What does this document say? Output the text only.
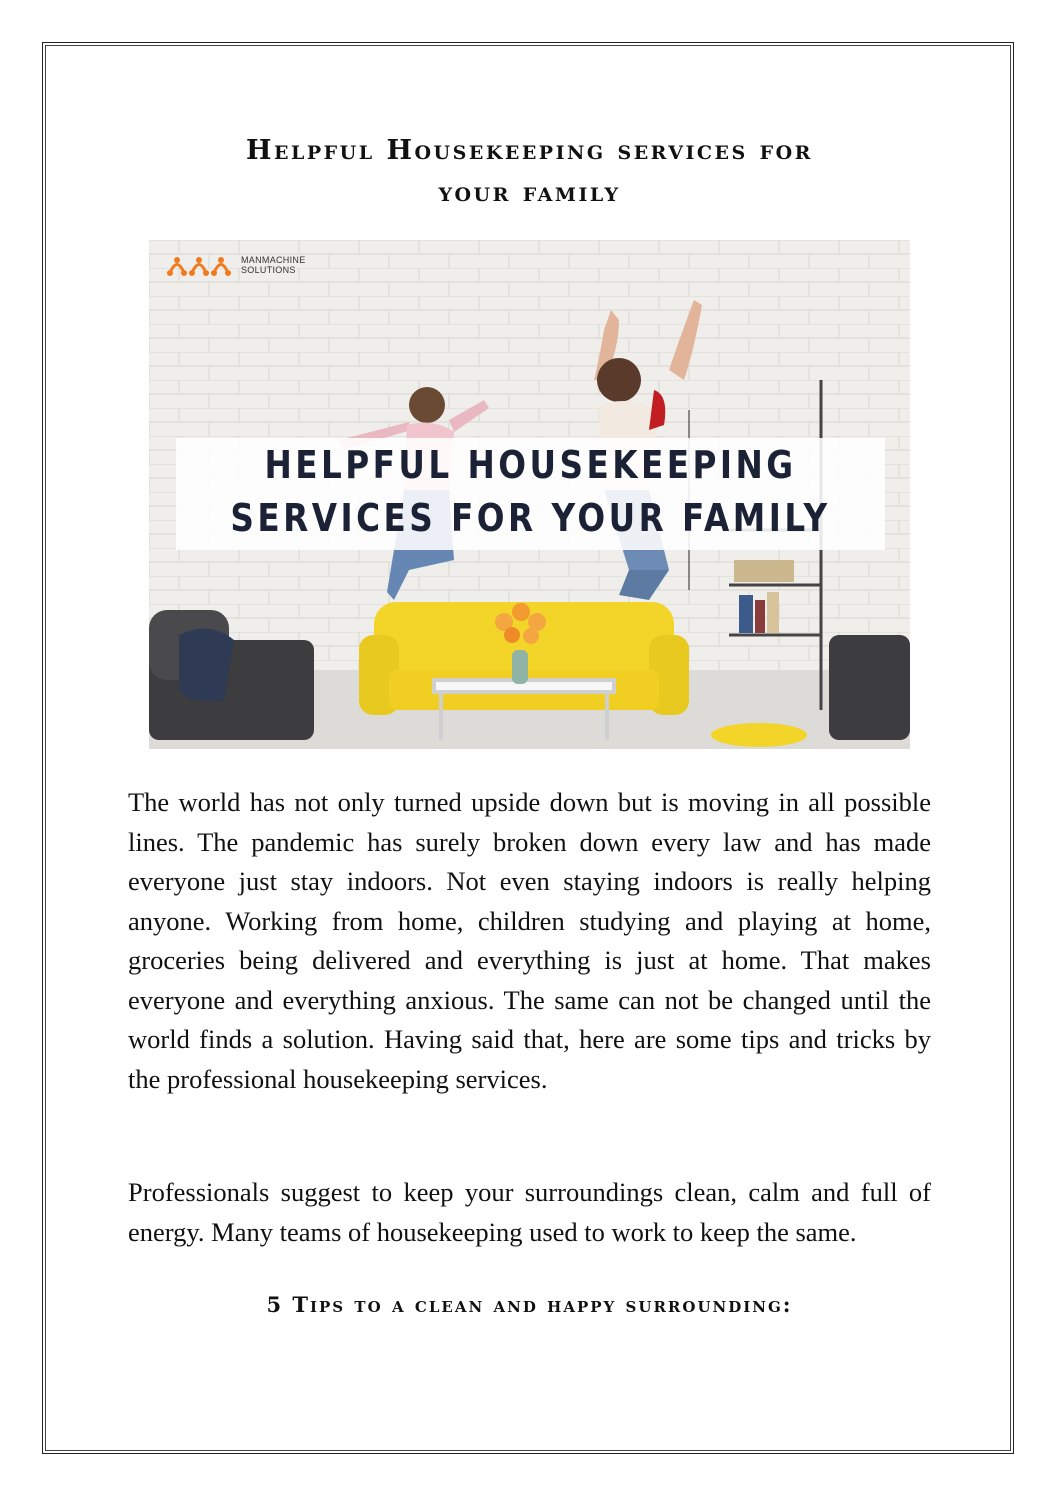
Helpful Housekeeping services for
your family
MANMACHINE
SOLUTIONS
HELPFUL HOUSEKEEPING
SERVICES FOR YOUR FAMILY

The world has not only turned upside down but is moving in all possible lines. The pandemic has surely broken down every law and has made everyone just stay indoors. Not even staying indoors is really helping anyone. Working from home, children studying and playing at home, groceries being delivered and everything is just at home. That makes everyone and everything anxious. The same can not be changed until the world finds a solution. Having said that, here are some tips and tricks by the professional housekeeping services.

Professionals suggest to keep your surroundings clean, calm and full of energy. Many teams of housekeeping used to work to keep the same.

5 Tips to a clean and happy surrounding:
